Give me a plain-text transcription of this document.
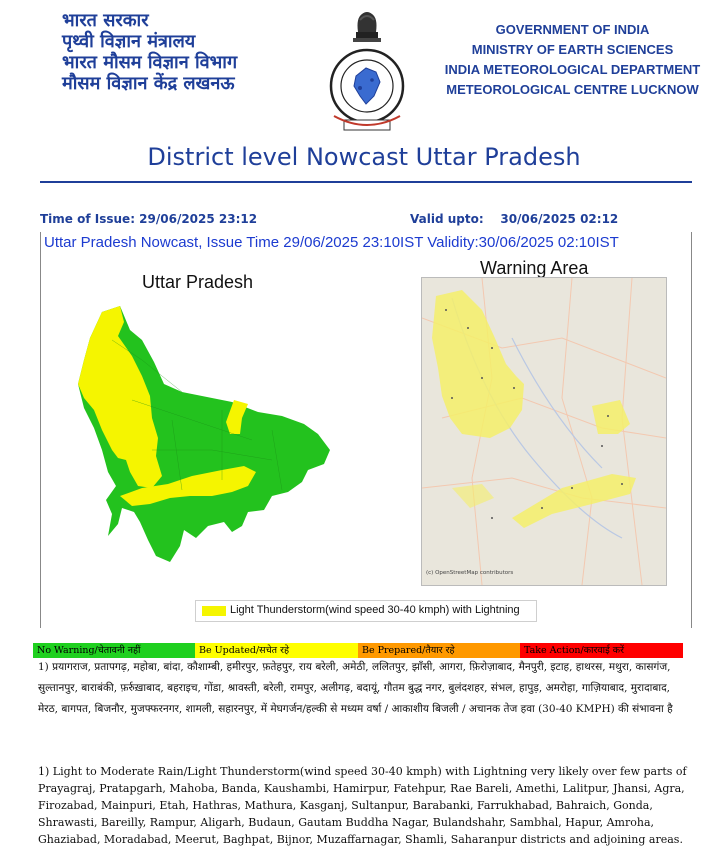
भारत सरकार
पृथ्वी विज्ञान मंत्रालय
भारत मौसम विज्ञान विभाग
मौसम विज्ञान केंद्र लखनऊ
GOVERNMENT OF INDIA
MINISTRY OF EARTH SCIENCES
INDIA METEOROLOGICAL DEPARTMENT
METEOROLOGICAL CENTRE LUCKNOW
District level Nowcast Uttar Pradesh
Time of Issue: 29/06/2025 23:12	Valid upto:    30/06/2025 02:12
Uttar Pradesh Nowcast, Issue Time 29/06/2025 23:10IST Validity:30/06/2025 02:10IST
Uttar Pradesh
Warning Area
(c) OpenStreetMap contributors
Light Thunderstorm(wind speed 30-40 kmph) with Lightning
No Warning/चेतावनी नहीं	Be Updated/सचेत रहे	Be Prepared/तैयार रहे	Take Action/कारवाई करें
1) प्रयागराज, प्रतापगढ़, महोबा, बांदा, कौशाम्बी, हमीरपुर, फ़तेहपुर, राय बरेली, अमेठी, ललितपुर, झाँसी, आगरा, फ़िरोज़ाबाद, मैनपुरी, इटाह, हाथरस, मथुरा, कासगंज, सुल्तानपुर, बाराबंकी, फ़र्रुख़ाबाद, बहराइच, गोंडा, श्रावस्ती, बरेली, रामपुर, अलीगढ़, बदायूं, गौतम बुद्ध नगर, बुलंदशहर, संभल, हापुड़, अमरोहा, गाज़ियाबाद, मुरादाबाद, मेरठ, बागपत, बिजनौर, मुजफ्फरनगर, शामली, सहारनपुर, में मेघगर्जन/हल्की से मध्यम वर्षा / आकाशीय बिजली / अचानक तेज हवा (30-40 KMPH) की संभावना है
1) Light to Moderate Rain/Light Thunderstorm(wind speed 30-40 kmph) with Lightning very likely over few parts of Prayagraj, Pratapgarh, Mahoba, Banda, Kaushambi, Hamirpur, Fatehpur, Rae Bareli, Amethi, Lalitpur, Jhansi, Agra, Firozabad, Mainpuri, Etah, Hathras, Mathura, Kasganj, Sultanpur, Barabanki, Farrukhabad, Bahraich, Gonda, Shrawasti, Bareilly, Rampur, Aligarh, Budaun, Gautam Buddha Nagar, Bulandshahr, Sambhal, Hapur, Amroha, Ghaziabad, Moradabad, Meerut, Baghpat, Bijnor, Muzaffarnagar, Shamli, Saharanpur districts and adjoining areas.
